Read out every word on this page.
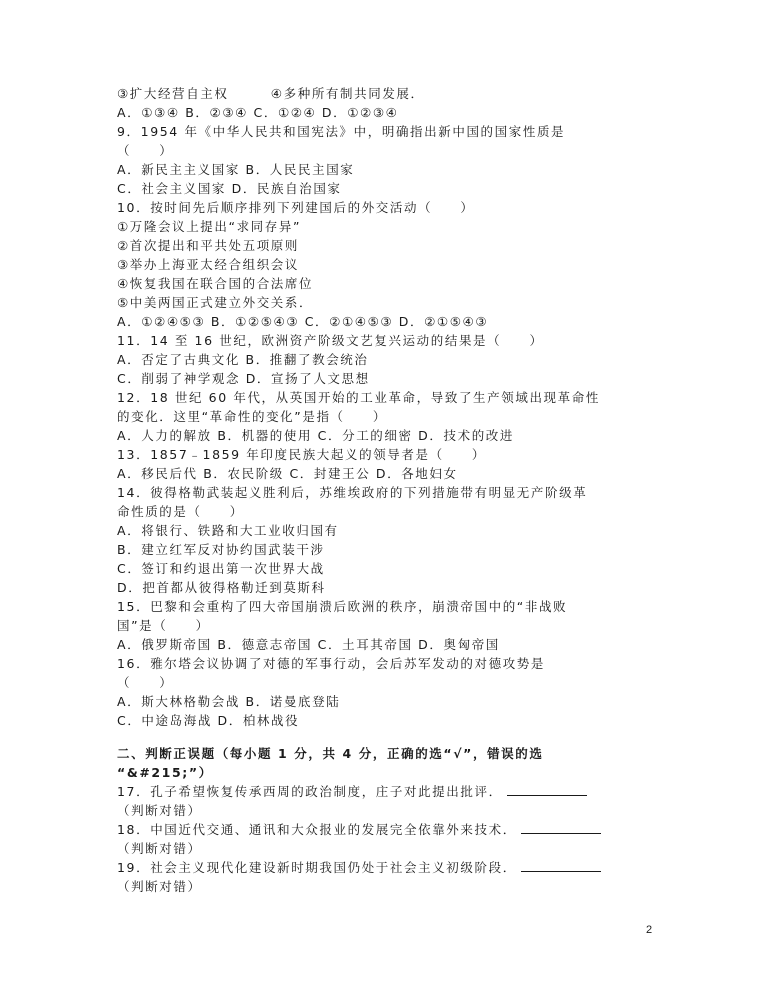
③扩大经营自主权　　　④多种所有制共同发展．
A．①③④ B．②③④ C．①②④ D．①②③④
9．1954 年《中华人民共和国宪法》中，明确指出新中国的国家性质是
（　　）
A．新民主主义国家 B．人民民主国家
C．社会主义国家 D．民族自治国家
10．按时间先后顺序排列下列建国后的外交活动（　　）
①万隆会议上提出“求同存异”
②首次提出和平共处五项原则
③举办上海亚太经合组织会议
④恢复我国在联合国的合法席位
⑤中美两国正式建立外交关系．
A．①②④⑤③ B．①②⑤④③ C．②①④⑤③ D．②①⑤④③
11．14 至 16 世纪，欧洲资产阶级文艺复兴运动的结果是（　　）
A．否定了古典文化 B．推翻了教会统治
C．削弱了神学观念 D．宣扬了人文思想
12．18 世纪 60 年代，从英国开始的工业革命，导致了生产领域出现革命性
的变化．这里“革命性的变化”是指（　　）
A．人力的解放 B．机器的使用 C．分工的细密 D．技术的改进
13．1857﹣1859 年印度民族大起义的领导者是（　　）
A．移民后代 B．农民阶级 C．封建王公 D．各地妇女
14．彼得格勒武装起义胜利后，苏维埃政府的下列措施带有明显无产阶级革
命性质的是（　　）
A．将银行、铁路和大工业收归国有
B．建立红军反对协约国武装干涉
C．签订和约退出第一次世界大战
D．把首都从彼得格勒迁到莫斯科
15．巴黎和会重构了四大帝国崩溃后欧洲的秩序，崩溃帝国中的“非战败
国”是（　　）
A．俄罗斯帝国 B．德意志帝国 C．土耳其帝国 D．奥匈帝国
16．雅尔塔会议协调了对德的军事行动，会后苏军发动的对德攻势是
（　　）
A．斯大林格勒会战 B．诺曼底登陆
C．中途岛海战 D．柏林战役
二、判断正误题（每小题 1 分，共 4 分，正确的选“√”，错误的选
“&#215;”）
17．孔子希望恢复传承西周的政治制度，庄子对此提出批评．
（判断对错）
18．中国近代交通、通讯和大众报业的发展完全依靠外来技术．
（判断对错）
19．社会主义现代化建设新时期我国仍处于社会主义初级阶段．
（判断对错）
2
